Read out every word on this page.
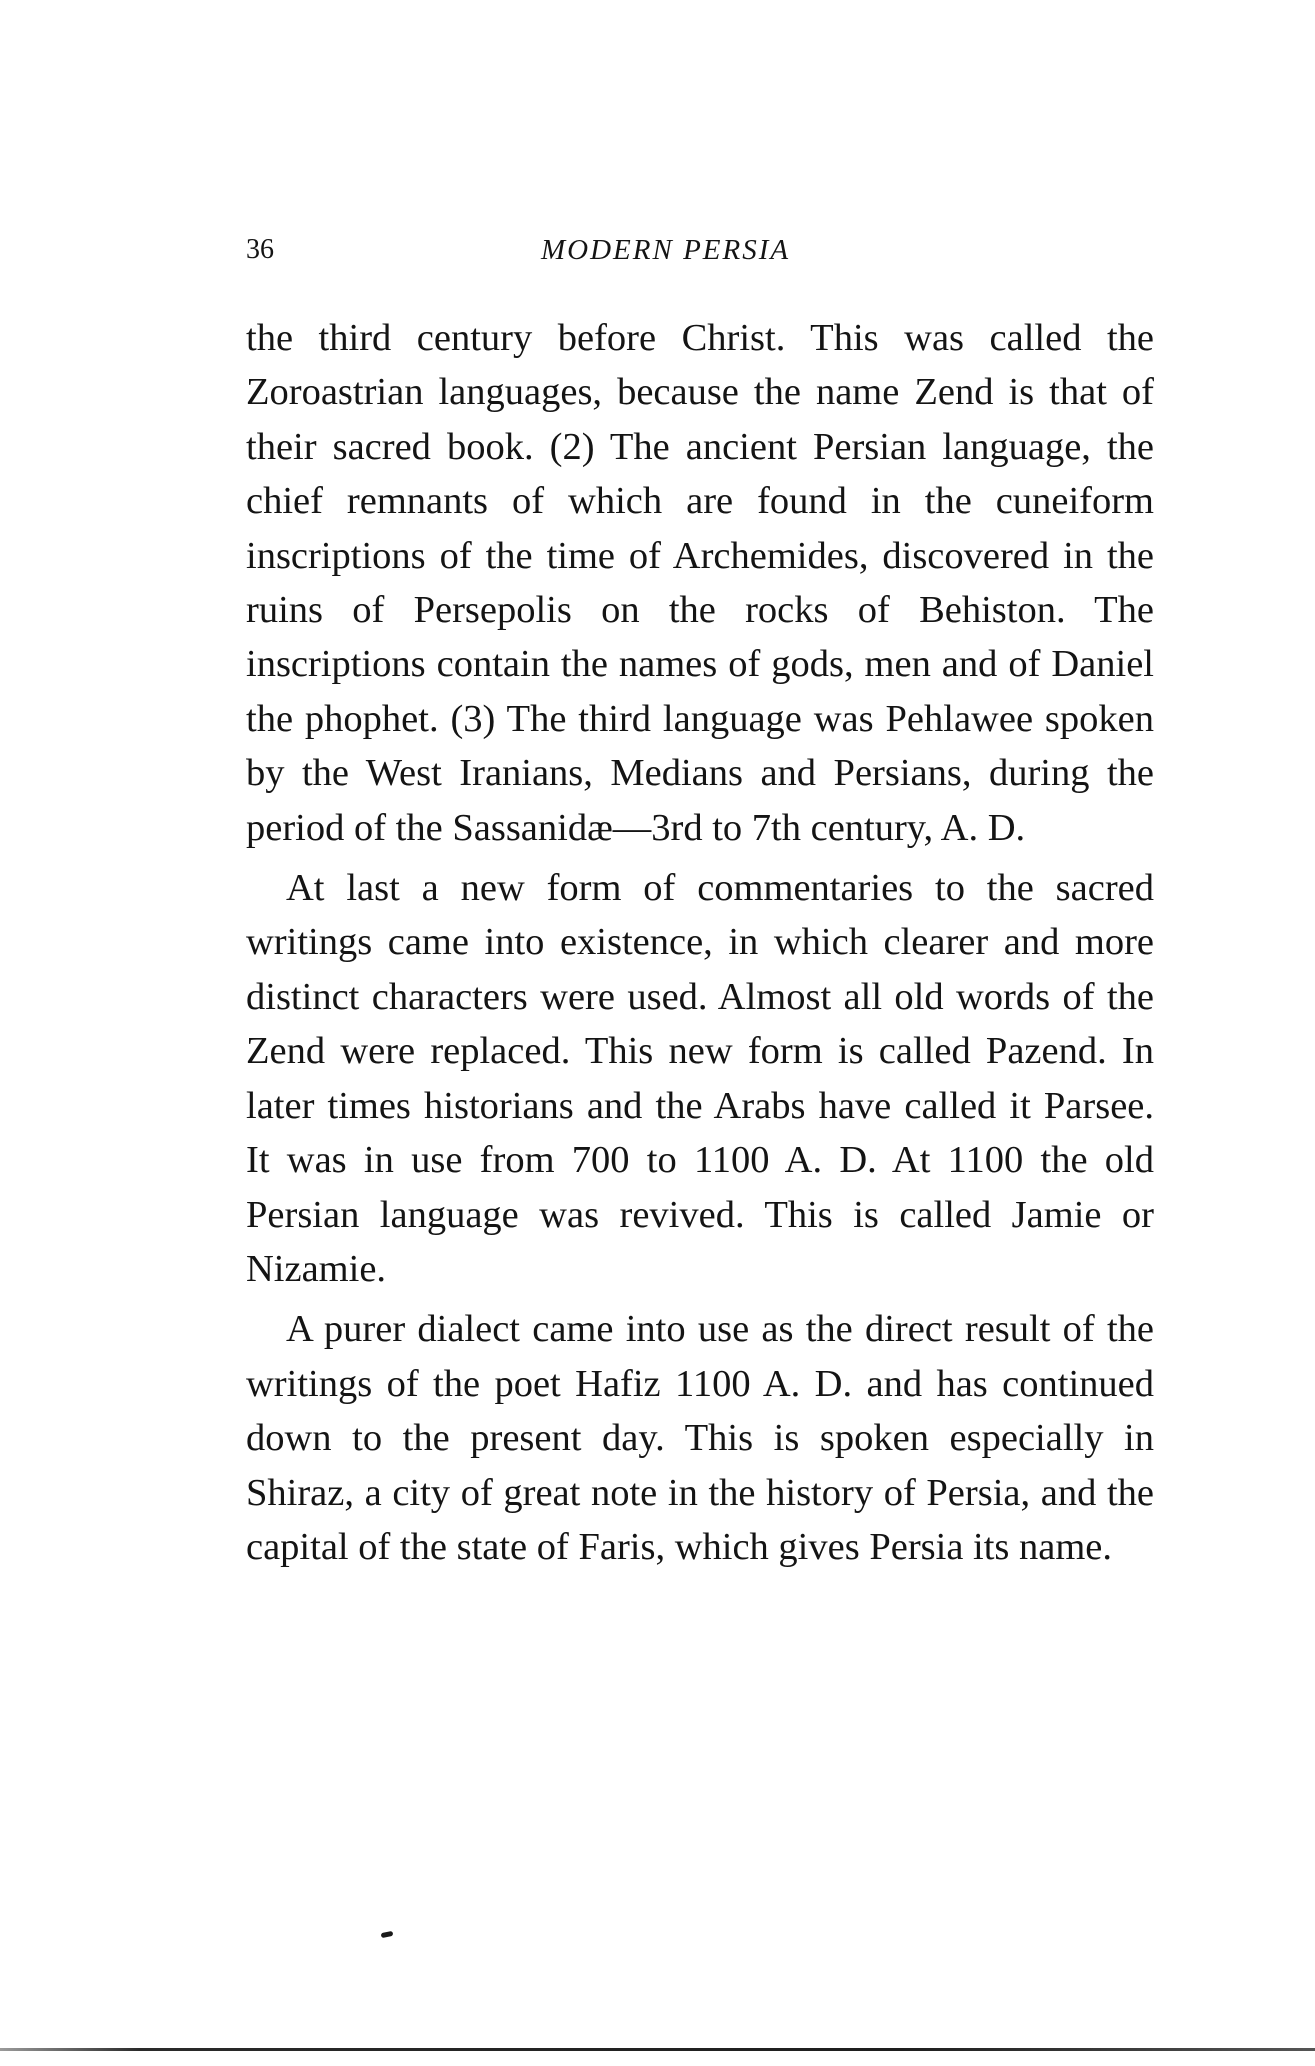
36	MODERN PERSIA

the third century before Christ. This was called the Zoroastrian languages, because the name Zend is that of their sacred book. (2) The ancient Persian language, the chief remnants of which are found in the cuneiform inscriptions of the time of Archemides, discovered in the ruins of Persepolis on the rocks of Behiston. The inscriptions contain the names of gods, men and of Daniel the phophet. (3) The third language was Pehlawee spoken by the West Iranians, Medians and Persians, during the period of the Sassanidæ—3rd to 7th century, A. D.

At last a new form of commentaries to the sacred writings came into existence, in which clearer and more distinct characters were used. Almost all old words of the Zend were replaced. This new form is called Pazend. In later times historians and the Arabs have called it Parsee. It was in use from 700 to 1100 A. D. At 1100 the old Persian language was revived. This is called Jamie or Nizamie.

A purer dialect came into use as the direct result of the writings of the poet Hafiz 1100 A. D. and has continued down to the present day. This is spoken especially in Shiraz, a city of great note in the history of Persia, and the capital of the state of Faris, which gives Persia its name.
